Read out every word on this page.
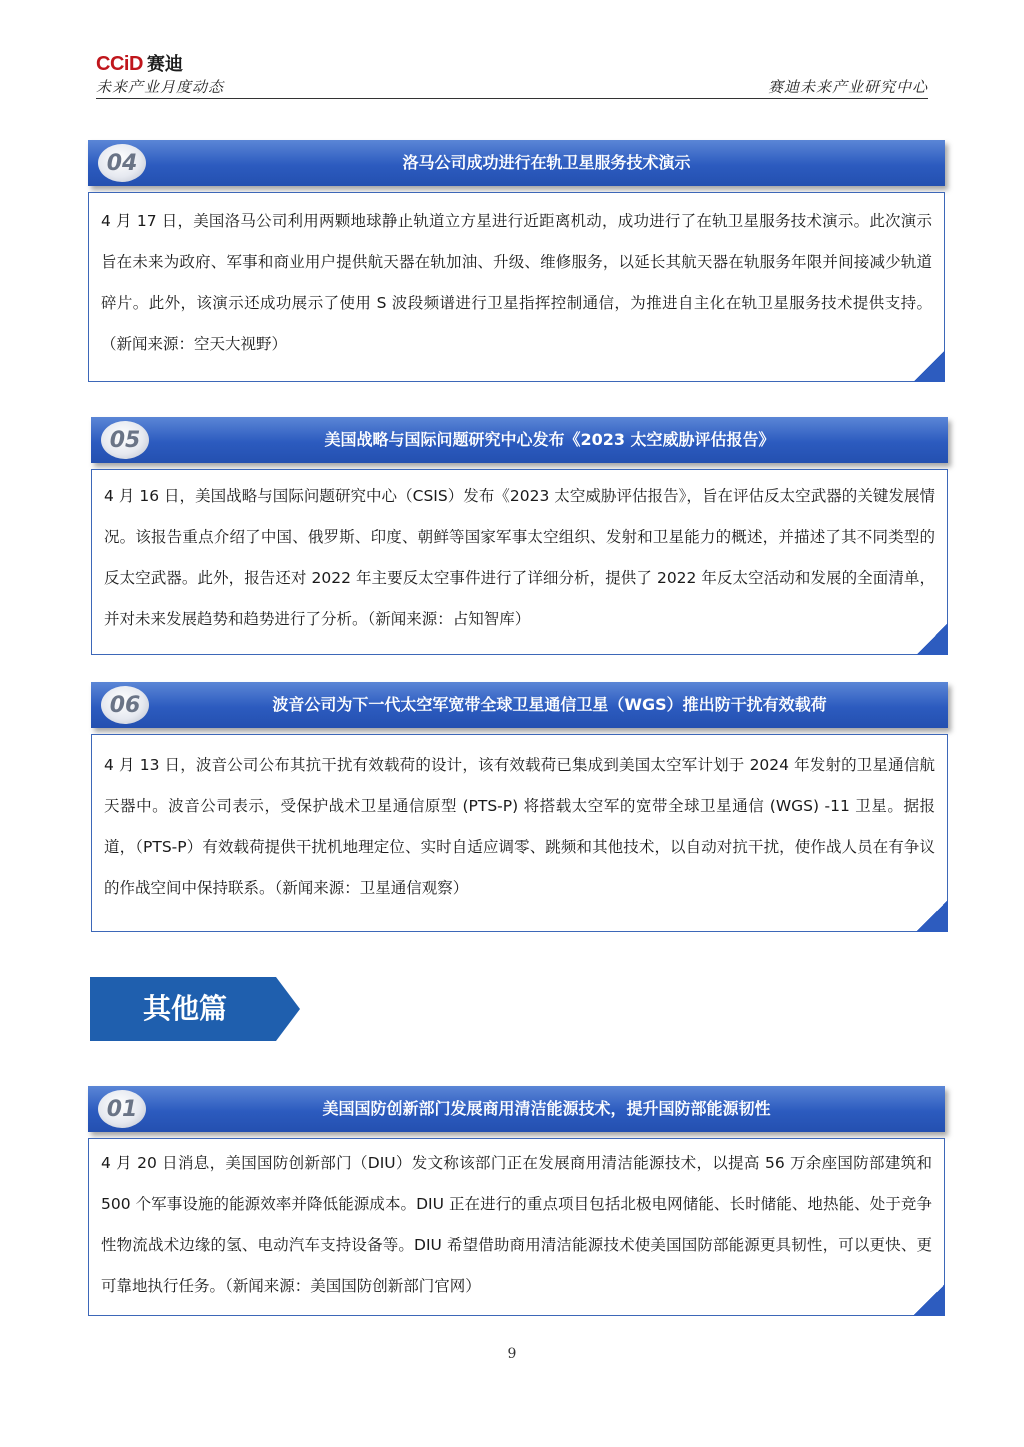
CCiD 赛迪
未来产业月度动态	赛迪未来产业研究中心
04	洛马公司成功进行在轨卫星服务技术演示

4 月 17 日，美国洛马公司利用两颗地球静止轨道立方星进行近距离机动，成功进行了在轨卫星服务技术演示。此次演示旨在未来为政府、军事和商业用户提供航天器在轨加油、升级、维修服务，以延长其航天器在轨服务年限并间接减少轨道碎片。此外，该演示还成功展示了使用 S 波段频谱进行卫星指挥控制通信，为推进自主化在轨卫星服务技术提供支持。（新闻来源：空天大视野）

05	美国战略与国际问题研究中心发布《2023 太空威胁评估报告》

4 月 16 日，美国战略与国际问题研究中心（CSIS）发布《2023 太空威胁评估报告》，旨在评估反太空武器的关键发展情况。该报告重点介绍了中国、俄罗斯、印度、朝鲜等国家军事太空组织、发射和卫星能力的概述，并描述了其不同类型的反太空武器。此外，报告还对 2022 年主要反太空事件进行了详细分析，提供了 2022 年反太空活动和发展的全面清单，并对未来发展趋势和趋势进行了分析。（新闻来源：占知智库）

06	波音公司为下一代太空军宽带全球卫星通信卫星（WGS）推出防干扰有效载荷

4 月 13 日，波音公司公布其抗干扰有效载荷的设计，该有效载荷已集成到美国太空军计划于 2024 年发射的卫星通信航天器中。波音公司表示，受保护战术卫星通信原型 (PTS-P) 将搭载太空军的宽带全球卫星通信 (WGS) -11 卫星。据报道，（PTS-P）有效载荷提供干扰机地理定位、实时自适应调零、跳频和其他技术，以自动对抗干扰，使作战人员在有争议的作战空间中保持联系。（新闻来源：卫星通信观察）

其他篇
01	美国国防创新部门发展商用清洁能源技术，提升国防部能源韧性

4 月 20 日消息，美国国防创新部门（DIU）发文称该部门正在发展商用清洁能源技术，以提高 56 万余座国防部建筑和 500 个军事设施的能源效率并降低能源成本。DIU 正在进行的重点项目包括北极电网储能、长时储能、地热能、处于竞争性物流战术边缘的氢、电动汽车支持设备等。DIU 希望借助商用清洁能源技术使美国国防部能源更具韧性，可以更快、更可靠地执行任务。（新闻来源：美国国防创新部门官网）

9
